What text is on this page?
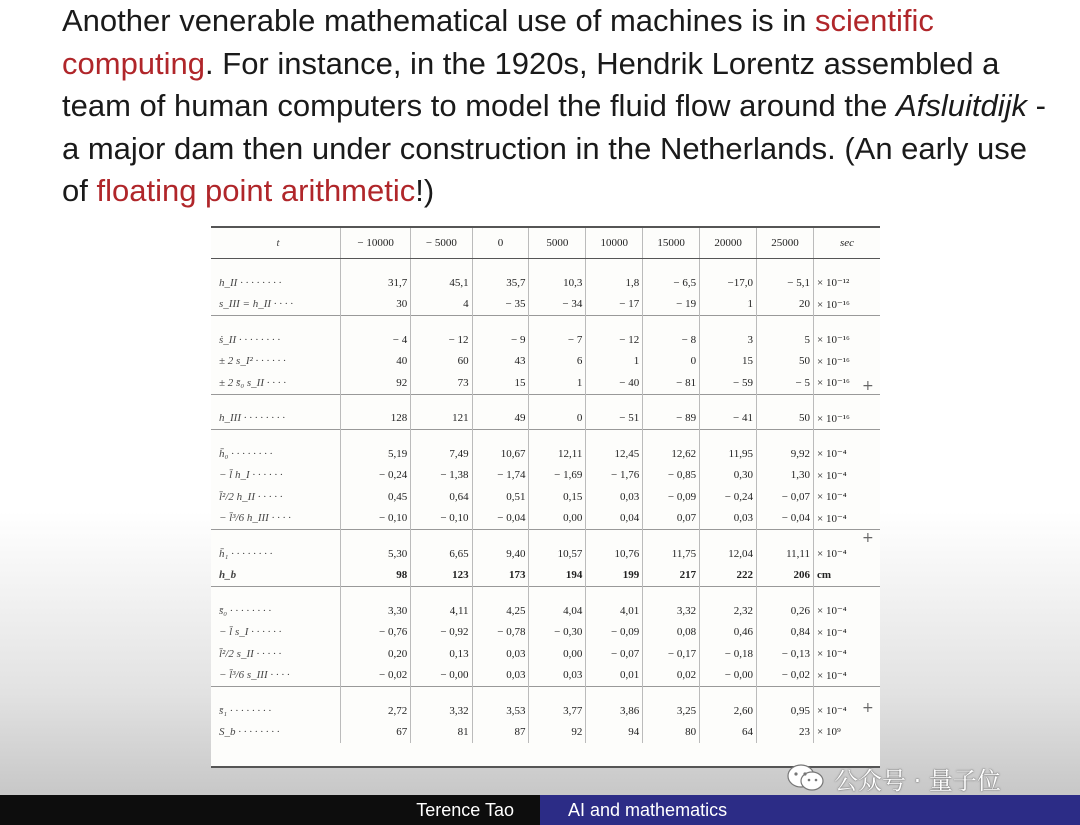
Another venerable mathematical use of machines is in scientific computing. For instance, in the 1920s, Hendrik Lorentz assembled a team of human computers to model the fluid flow around the Afsluitdijk - a major dam then under construction in the Netherlands. (An early use of floating point arithmetic!)

t	− 10000	− 5000	0	5000	10000	15000	20000	25000	sec

h_II · · · · · · · ·	31,7	45,1	35,7	10,3	1,8	− 6,5	−17,0	− 5,1	× 10⁻¹²
s_III = h_II · · · ·	30	4	− 35	− 34	− 17	− 19	1	20	× 10⁻¹⁶

ṡ_II · · · · · · · ·	− 4	− 12	− 9	− 7	− 12	− 8	3	5	× 10⁻¹⁶
± 2 s_I² · · · · · ·	40	60	43	6	1	0	15	50	× 10⁻¹⁶
± 2 s̄₀ s_II · · · ·	92	73	15	1	− 40	− 81	− 59	− 5	× 10⁻¹⁶

h_III · · · · · · · ·	128	121	49	0	− 51	− 89	− 41	50	× 10⁻¹⁶

h̄₀ · · · · · · · ·	5,19	7,49	10,67	12,11	12,45	12,62	11,95	9,92	× 10⁻⁴
− l̄ h_I · · · · · ·	− 0,24	− 1,38	− 1,74	− 1,69	− 1,76	− 0,85	0,30	1,30	× 10⁻⁴
l̄²/2 h_II · · · · ·	0,45	0,64	0,51	0,15	0,03	− 0,09	− 0,24	− 0,07	× 10⁻⁴
− l̄³/6 h_III · · · ·	− 0,10	− 0,10	− 0,04	0,00	0,04	0,07	0,03	− 0,04	× 10⁻⁴

h̄₁ · · · · · · · ·	5,30	6,65	9,40	10,57	10,76	11,75	12,04	11,11	× 10⁻⁴
h_b	98	123	173	194	199	217	222	206	cm

s̄₀ · · · · · · · ·	3,30	4,11	4,25	4,04	4,01	3,32	2,32	0,26	× 10⁻⁴
− l̄ s_I · · · · · ·	− 0,76	− 0,92	− 0,78	− 0,30	− 0,09	0,08	0,46	0,84	× 10⁻⁴
l̄²/2 s_II · · · · ·	0,20	0,13	0,03	0,00	− 0,07	− 0,17	− 0,18	− 0,13	× 10⁻⁴
− l̄³/6 s_III · · · ·	− 0,02	− 0,00	0,03	0,03	0,01	0,02	− 0,00	− 0,02	× 10⁻⁴

s̄₁ · · · · · · · ·	2,72	3,32	3,53	3,77	3,86	3,25	2,60	0,95	× 10⁻⁴
S_b · · · · · · · ·	67	81	87	92	94	80	64	23	× 10⁹
+
+
+
公众号 · 量子位
Terence Tao	AI and mathematics
